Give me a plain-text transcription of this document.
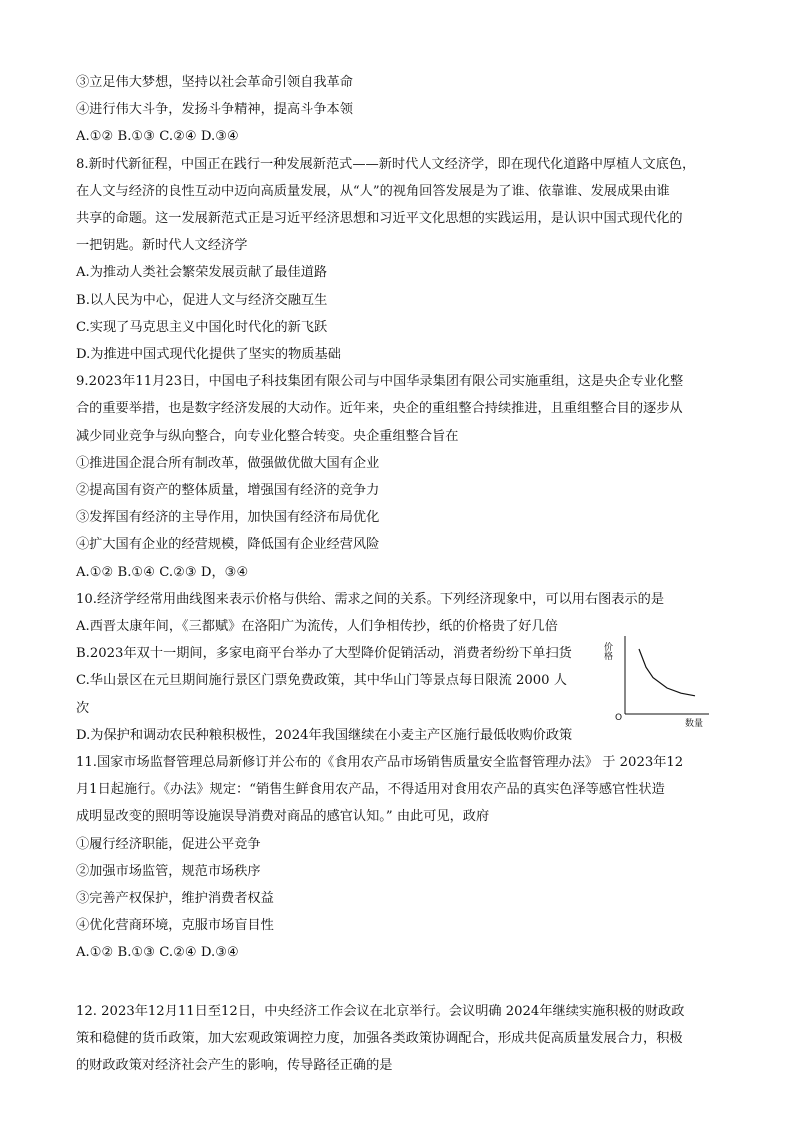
③立足伟大梦想，坚持以社会革命引领自我革命
④进行伟大斗争，发扬斗争精神，提高斗争本领
A.①② B.①③ C.②④ D.③④
8.新时代新征程，中国正在践行一种发展新范式——新时代人文经济学，即在现代化道路中厚植人文底色，
在人文与经济的良性互动中迈向高质量发展，从“人”的视角回答发展是为了谁、依靠谁、发展成果由谁
共享的命题。这一发展新范式正是习近平经济思想和习近平文化思想的实践运用，是认识中国式现代化的
一把钥匙。新时代人文经济学
A.为推动人类社会繁荣发展贡献了最佳道路
B.以人民为中心，促进人文与经济交融互生
C.实现了马克思主义中国化时代化的新飞跃
D.为推进中国式现代化提供了坚实的物质基础
9.2023年11月23日，中国电子科技集团有限公司与中国华录集团有限公司实施重组，这是央企专业化整
合的重要举措，也是数字经济发展的大动作。近年来，央企的重组整合持续推进，且重组整合目的逐步从
减少同业竞争与纵向整合，向专业化整合转变。央企重组整合旨在
①推进国企混合所有制改革，做强做优做大国有企业
②提高国有资产的整体质量，增强国有经济的竞争力
③发挥国有经济的主导作用，加快国有经济布局优化
④扩大国有企业的经营规模，降低国有企业经营风险
A.①② B.①④ C.②③ D，③④
10.经济学经常用曲线图来表示价格与供给、需求之间的关系。下列经济现象中，可以用右图表示的是
A.西晋太康年间，《三都赋》在洛阳广为流传，人们争相传抄，纸的价格贵了好几倍
B.2023年双十一期间，多家电商平台举办了大型降价促销活动，消费者纷纷下单扫货
C.华山景区在元旦期间施行景区门票免费政策，其中华山门等景点每日限流 2000 人
次
D.为保护和调动农民种粮积极性，2024年我国继续在小麦主产区施行最低收购价政策
11.国家市场监督管理总局新修订并公布的《食用农产品市场销售质量安全监督管理办法》 于 2023年12
月1日起施行。《办法》规定：“销售生鲜食用农产品，不得适用对食用农产品的真实色泽等感官性状造
成明显改变的照明等设施误导消费对商品的感官认知。” 由此可见，政府
①履行经济职能，促进公平竞争
②加强市场监管，规范市场秩序
③完善产权保护，维护消费者权益
④优化营商环境，克服市场盲目性
A.①② B.①③ C.②④ D.③④
12. 2023年12月11日至12日，中央经济工作会议在北京举行。会议明确 2024年继续实施积极的财政政
策和稳健的货币政策，加大宏观政策调控力度，加强各类政策协调配合，形成共促高质量发展合力，积极
的财政政策对经济社会产生的影响，传导路径正确的是
价格
数量
O
